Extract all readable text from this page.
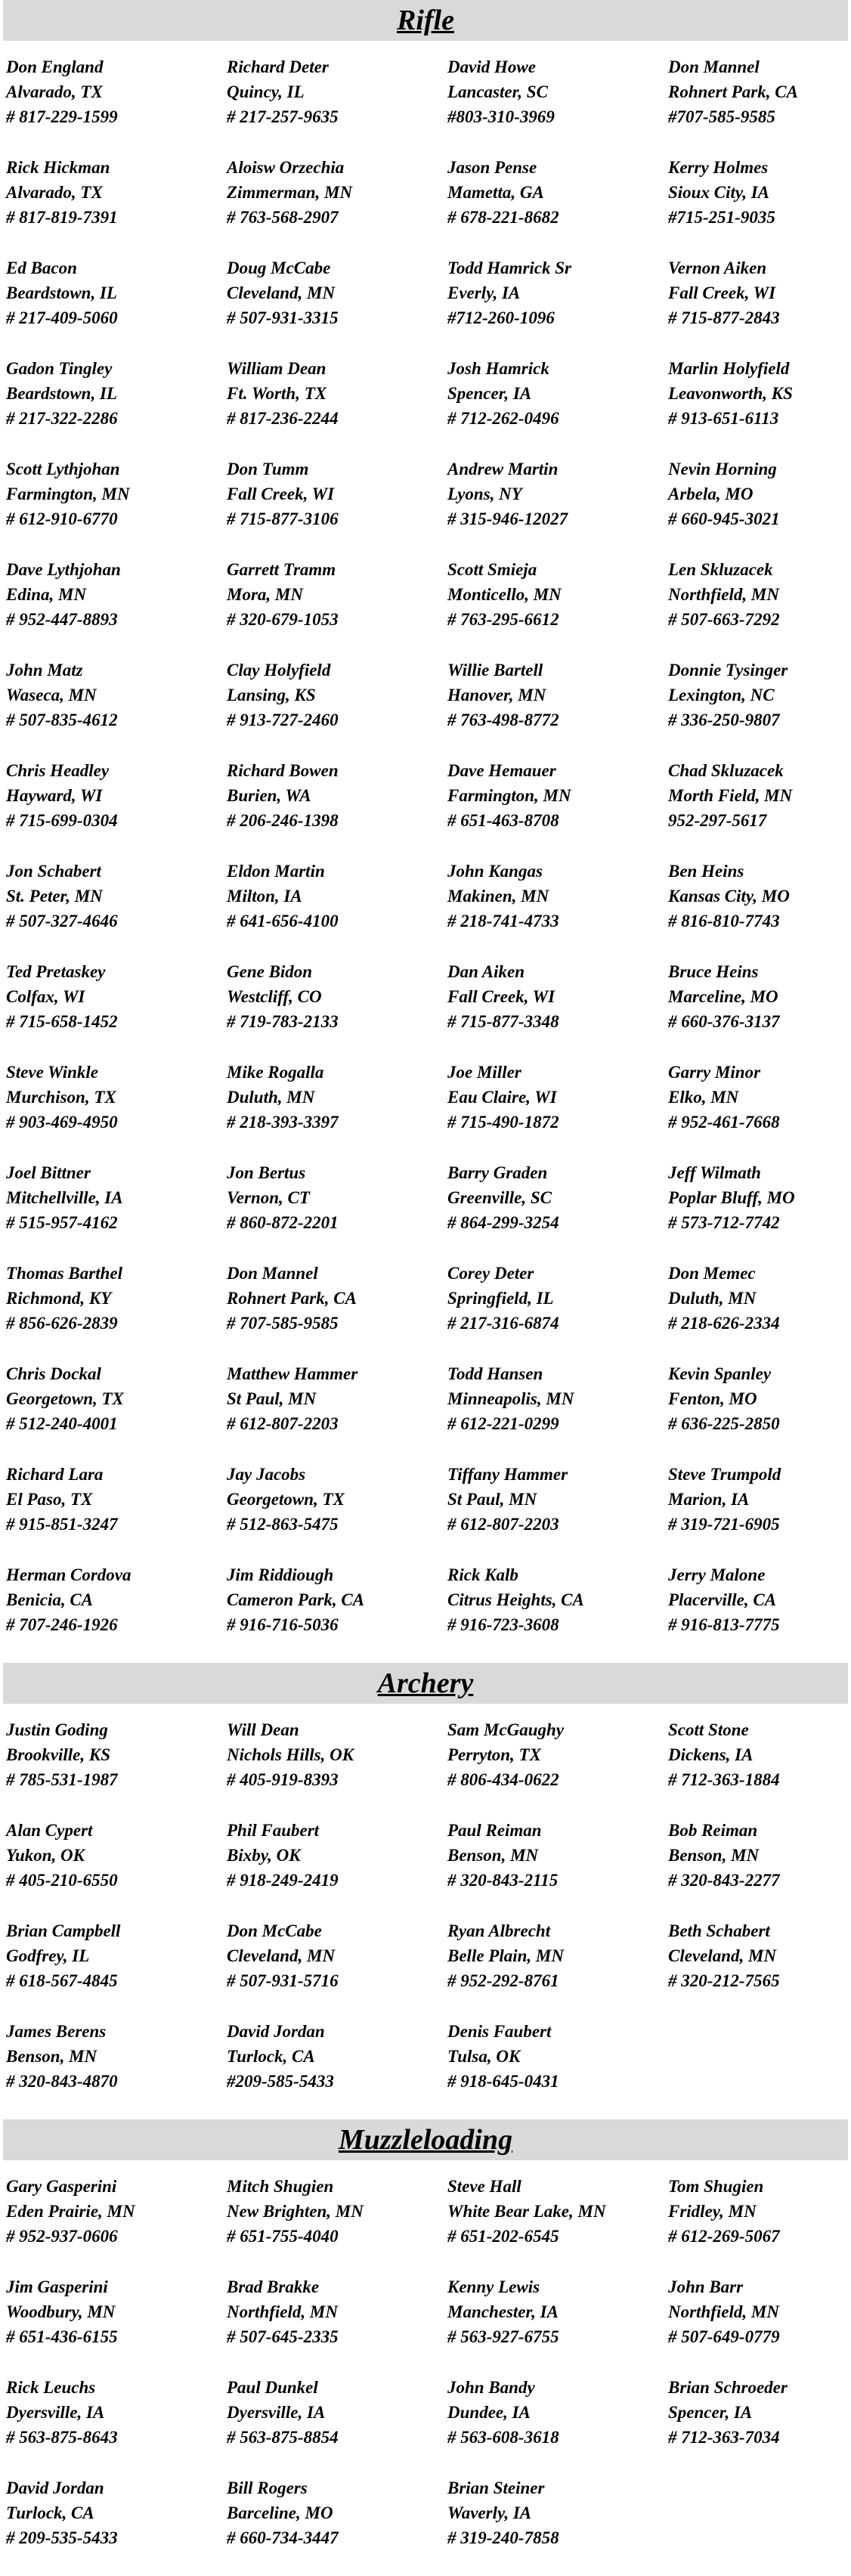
Rifle
Don England
Alvarado, TX
# 817-229-1599
Richard Deter
Quincy, IL
# 217-257-9635
David Howe
Lancaster, SC
#803-310-3969
Don Mannel
Rohnert Park, CA
#707-585-9585
Rick Hickman
Alvarado, TX
# 817-819-7391
Aloisw Orzechia
Zimmerman, MN
# 763-568-2907
Jason Pense
Mametta, GA
# 678-221-8682
Kerry Holmes
Sioux City, IA
#715-251-9035
Ed Bacon
Beardstown, IL
# 217-409-5060
Doug McCabe
Cleveland, MN
# 507-931-3315
Todd Hamrick Sr
Everly, IA
#712-260-1096
Vernon Aiken
Fall Creek, WI
# 715-877-2843
Gadon Tingley
Beardstown, IL
# 217-322-2286
William Dean
Ft. Worth, TX
# 817-236-2244
Josh Hamrick
Spencer, IA
# 712-262-0496
Marlin Holyfield
Leavonworth, KS
# 913-651-6113
Scott Lythjohan
Farmington, MN
# 612-910-6770
Don Tumm
Fall Creek, WI
# 715-877-3106
Andrew Martin
Lyons, NY
# 315-946-12027
Nevin Horning
Arbela, MO
# 660-945-3021
Dave Lythjohan
Edina, MN
# 952-447-8893
Garrett Tramm
Mora, MN
# 320-679-1053
Scott Smieja
Monticello, MN
# 763-295-6612
Len Skluzacek
Northfield, MN
# 507-663-7292
John Matz
Waseca, MN
# 507-835-4612
Clay Holyfield
Lansing, KS
# 913-727-2460
Willie Bartell
Hanover, MN
# 763-498-8772
Donnie Tysinger
Lexington, NC
# 336-250-9807
Chris Headley
Hayward, WI
# 715-699-0304
Richard Bowen
Burien, WA
# 206-246-1398
Dave Hemauer
Farmington, MN
# 651-463-8708
Chad Skluzacek
Morth Field, MN
952-297-5617
Jon Schabert
St. Peter, MN
# 507-327-4646
Eldon Martin
Milton, IA
# 641-656-4100
John Kangas
Makinen, MN
# 218-741-4733
Ben Heins
Kansas City, MO
# 816-810-7743
Ted Pretaskey
Colfax, WI
# 715-658-1452
Gene Bidon
Westcliff, CO
# 719-783-2133
Dan Aiken
Fall Creek, WI
# 715-877-3348
Bruce Heins
Marceline, MO
# 660-376-3137
Steve Winkle
Murchison, TX
# 903-469-4950
Mike Rogalla
Duluth, MN
# 218-393-3397
Joe Miller
Eau Claire, WI
# 715-490-1872
Garry Minor
Elko, MN
# 952-461-7668
Joel Bittner
Mitchellville, IA
# 515-957-4162
Jon Bertus
Vernon, CT
# 860-872-2201
Barry Graden
Greenville, SC
# 864-299-3254
Jeff Wilmath
Poplar Bluff, MO
# 573-712-7742
Thomas Barthel
Richmond, KY
# 856-626-2839
Don Mannel
Rohnert Park, CA
# 707-585-9585
Corey Deter
Springfield, IL
# 217-316-6874
Don Memec
Duluth, MN
# 218-626-2334
Chris Dockal
Georgetown, TX
# 512-240-4001
Matthew Hammer
St Paul, MN
# 612-807-2203
Todd Hansen
Minneapolis, MN
# 612-221-0299
Kevin Spanley
Fenton, MO
# 636-225-2850
Richard Lara
El Paso, TX
# 915-851-3247
Jay Jacobs
Georgetown, TX
# 512-863-5475
Tiffany Hammer
St Paul, MN
# 612-807-2203
Steve Trumpold
Marion, IA
# 319-721-6905
Herman Cordova
Benicia, CA
# 707-246-1926
Jim Riddiough
Cameron Park, CA
# 916-716-5036
Rick Kalb
Citrus Heights, CA
# 916-723-3608
Jerry Malone
Placerville, CA
# 916-813-7775
Archery
Justin Goding
Brookville, KS
# 785-531-1987
Will Dean
Nichols Hills, OK
# 405-919-8393
Sam McGaughy
Perryton, TX
# 806-434-0622
Scott Stone
Dickens, IA
# 712-363-1884
Alan Cypert
Yukon, OK
# 405-210-6550
Phil Faubert
Bixby, OK
# 918-249-2419
Paul Reiman
Benson, MN
# 320-843-2115
Bob Reiman
Benson, MN
# 320-843-2277
Brian Campbell
Godfrey, IL
# 618-567-4845
Don McCabe
Cleveland, MN
# 507-931-5716
Ryan Albrecht
Belle Plain, MN
# 952-292-8761
Beth Schabert
Cleveland, MN
# 320-212-7565
James Berens
Benson, MN
# 320-843-4870
David Jordan
Turlock, CA
#209-585-5433
Denis Faubert
Tulsa, OK
# 918-645-0431
Muzzleloading
Gary Gasperini
Eden Prairie, MN
# 952-937-0606
Mitch Shugien
New Brighten, MN
# 651-755-4040
Steve Hall
White Bear Lake, MN
# 651-202-6545
Tom Shugien
Fridley, MN
# 612-269-5067
Jim Gasperini
Woodbury, MN
# 651-436-6155
Brad Brakke
Northfield, MN
# 507-645-2335
Kenny Lewis
Manchester, IA
# 563-927-6755
John Barr
Northfield, MN
# 507-649-0779
Rick Leuchs
Dyersville, IA
# 563-875-8643
Paul Dunkel
Dyersville, IA
# 563-875-8854
John Bandy
Dundee, IA
# 563-608-3618
Brian Schroeder
Spencer, IA
# 712-363-7034
David Jordan
Turlock, CA
# 209-535-5433
Bill Rogers
Barceline, MO
# 660-734-3447
Brian Steiner
Waverly, IA
# 319-240-7858
